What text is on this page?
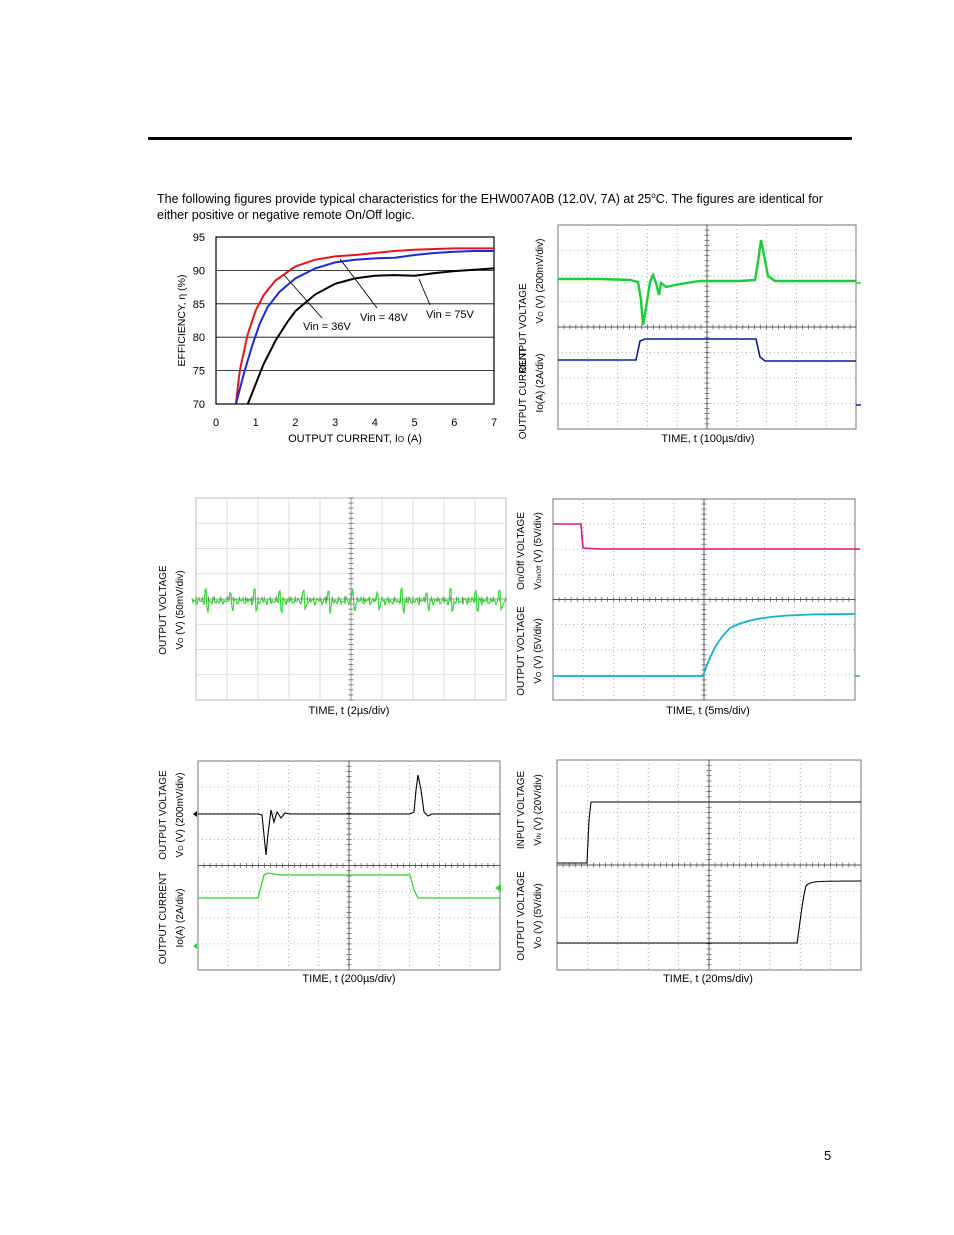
The following figures provide typical characteristics for the EHW007A0B (12.0V, 7A) at 25$^o$C. The figures are identical for either positive or negative remote On/Off logic.
70
75
80
85
90
95
0	1	2	3	4	5	6	7
Vin = 36V
Vin = 48V Vin = 75V
EFFICIENCY, η (%)
OUTPUT CURRENT, IO (A)
OUTPUT VOLTAGE VO (V) (200mV/div)
OUTPUT CURRENT Io(A) (2A/div)
TIME, t (100µs/div)
OUTPUT VOLTAGE VO (V) (50mV/div)
TIME, t (2µs/div)
On/Off VOLTAGE VOn/Off (V) (5V/div)
OUTPUT VOLTAGE VO (V) (5V/div)
TIME, t (5ms/div)
OUTPUT VOLTAGE VO (V) (200mV/div)
OUTPUT CURRENT Io(A) (2A/div)
TIME, t (200µs/div)
INPUT VOLTAGE VIN (V) (20V/div)
OUTPUT VOLTAGE VO (V) (5V/div)
TIME, t (20ms/div)
5
